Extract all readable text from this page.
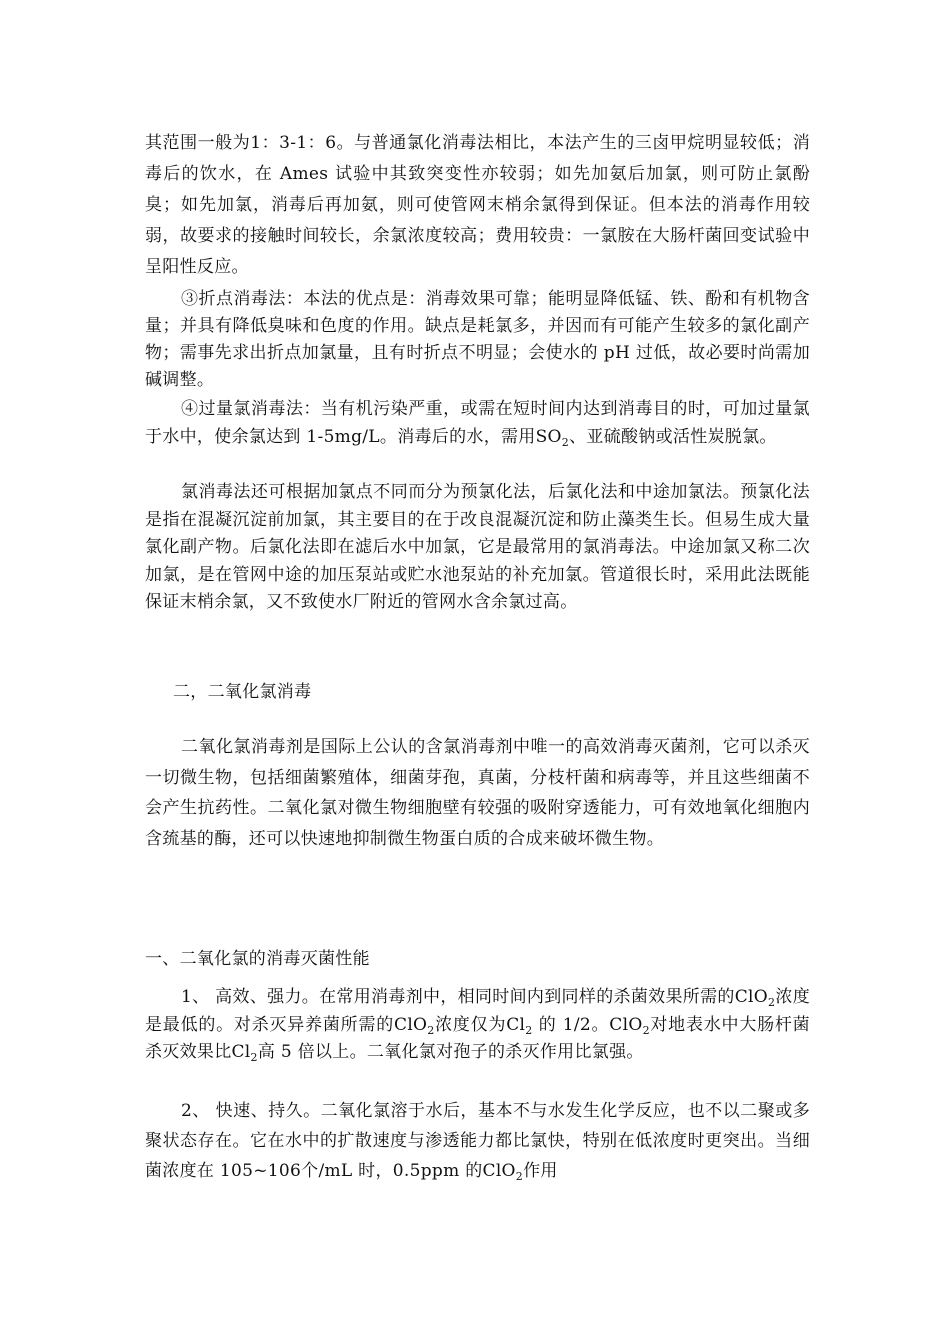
其范围一般为1：3-1：6。与普通氯化消毒法相比，本法产生的三卤甲烷明显较低；消毒后的饮水，在 Ames 试验中其致突变性亦较弱；如先加氨后加氯，则可防止氯酚臭；如先加氯，消毒后再加氨，则可使管网末梢余氯得到保证。但本法的消毒作用较弱，故要求的接触时间较长，余氯浓度较高；费用较贵：一氯胺在大肠杆菌回变试验中呈阳性反应。

③折点消毒法：本法的优点是：消毒效果可靠；能明显降低锰、铁、酚和有机物含量；并具有降低臭味和色度的作用。缺点是耗氯多，并因而有可能产生较多的氯化副产物；需事先求出折点加氯量，且有时折点不明显；会使水的 pH 过低，故必要时尚需加碱调整。

④过量氯消毒法：当有机污染严重，或需在短时间内达到消毒目的时，可加过量氯于水中，使余氯达到 1-5mg/L。消毒后的水，需用$SO_2$、亚硫酸钠或活性炭脱氯。

氯消毒法还可根据加氯点不同而分为预氯化法，后氯化法和中途加氯法。预氯化法是指在混凝沉淀前加氯，其主要目的在于改良混凝沉淀和防止藻类生长。但易生成大量氯化副产物。后氯化法即在滤后水中加氯，它是最常用的氯消毒法。中途加氯又称二次加氯，是在管网中途的加压泵站或贮水池泵站的补充加氯。管道很长时，采用此法既能保证末梢余氯，又不致使水厂附近的管网水含余氯过高。

二，二氧化氯消毒

二氧化氯消毒剂是国际上公认的含氯消毒剂中唯一的高效消毒灭菌剂，它可以杀灭一切微生物，包括细菌繁殖体，细菌芽孢，真菌，分枝杆菌和病毒等，并且这些细菌不会产生抗药性。二氧化氯对微生物细胞壁有较强的吸附穿透能力，可有效地氧化细胞内含巯基的酶，还可以快速地抑制微生物蛋白质的合成来破坏微生物。

一、二氧化氯的消毒灭菌性能

1、 高效、强力。在常用消毒剂中，相同时间内到同样的杀菌效果所需的ClO$_2$浓度是最低的。对杀灭异养菌所需的ClO$_2$浓度仅为$Cl_2$ 的 1/2。ClO$_2$对地表水中大肠杆菌杀灭效果比$Cl_2$高 5 倍以上。二氧化氯对孢子的杀灭作用比氯强。

2、 快速、持久。二氧化氯溶于水后，基本不与水发生化学反应，也不以二聚或多聚状态存在。它在水中的扩散速度与渗透能力都比氯快，特别在低浓度时更突出。当细菌浓度在 105~106个/mL 时，0.5ppm 的ClO$_2$作用
